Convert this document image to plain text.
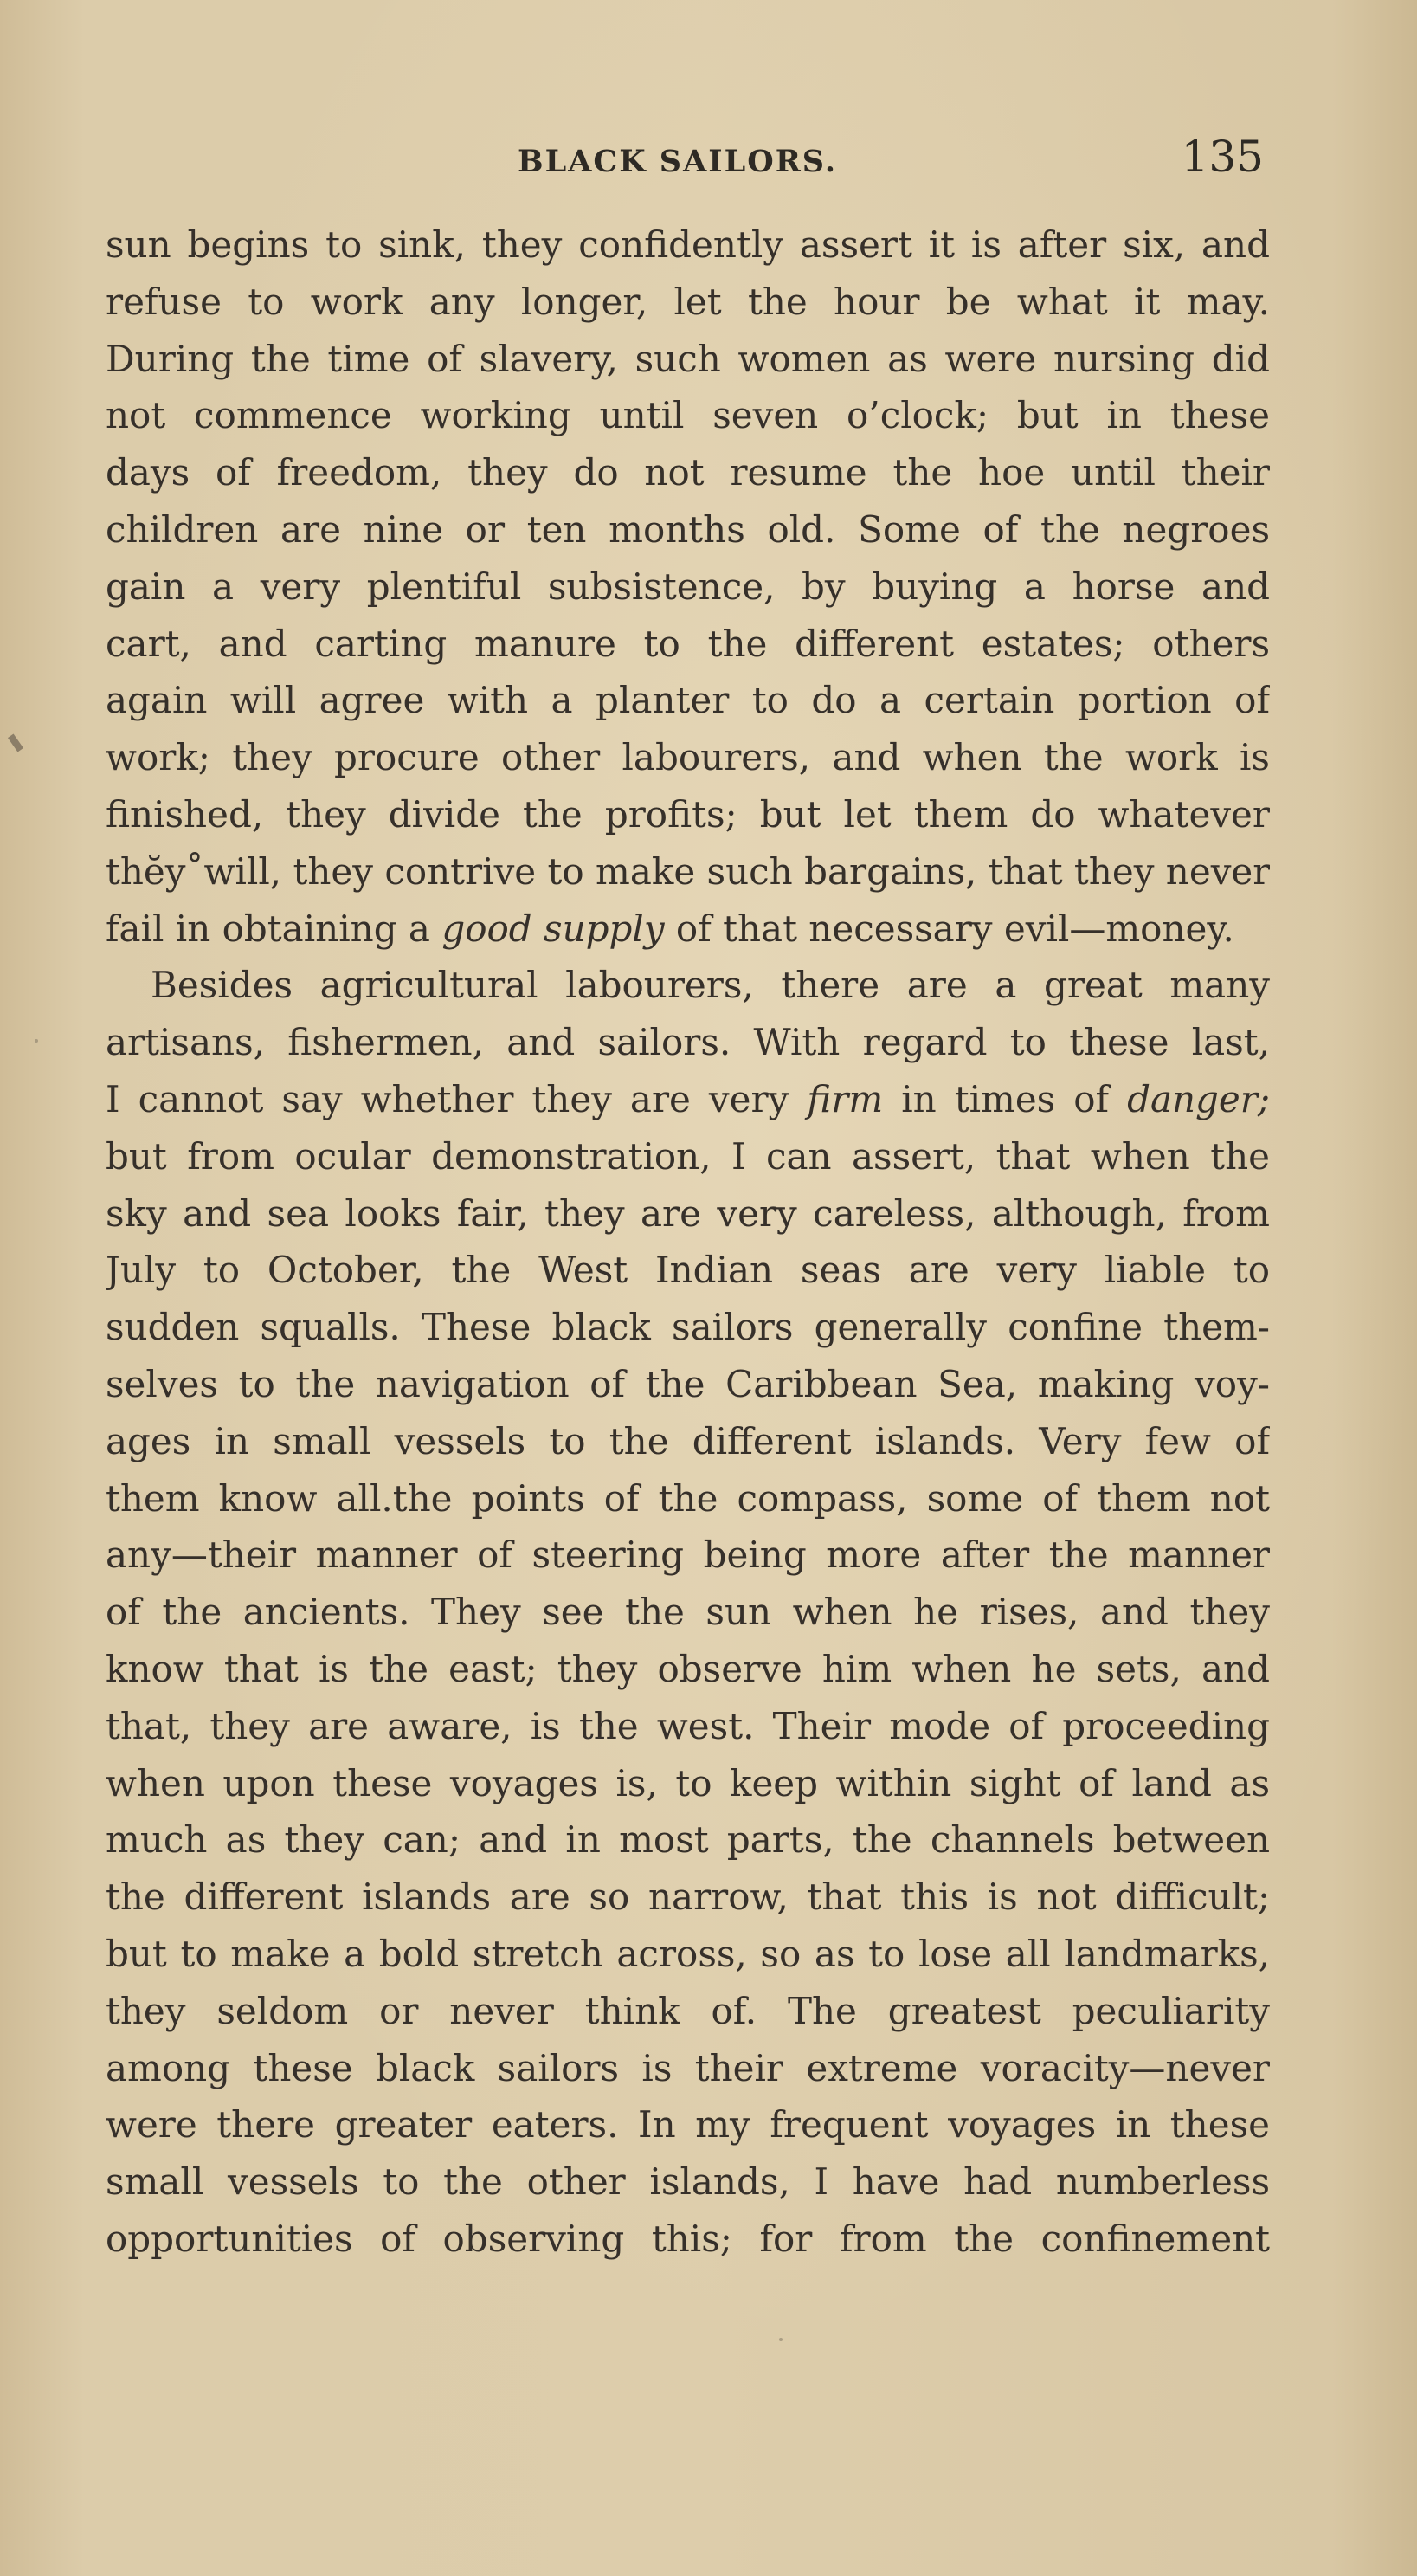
BLACK SAILORS.	135
sun begins to sink, they confidently assert it is after six, and
refuse to work any longer, let the hour be what it may.
During the time of slavery, such women as were nursing did
not commence working until seven o’clock; but in these
days of freedom, they do not resume the hoe until their
children are nine or ten months old. Some of the negroes
gain a very plentiful subsistence, by buying a horse and
cart, and carting manure to the different estates; others
again will agree with a planter to do a certain portion of
work; they procure other labourers, and when the work is
finished, they divide the profits; but let them do whatever
thĕy˚will, they contrive to make such bargains, that they never
fail in obtaining a good supply of that necessary evil—money.
Besides agricultural labourers, there are a great many
artisans, fishermen, and sailors. With regard to these last,
I cannot say whether they are very firm in times of danger;
but from ocular demonstration, I can assert, that when the
sky and sea looks fair, they are very careless, although, from
July to October, the West Indian seas are very liable to
sudden squalls. These black sailors generally confine them-
selves to the navigation of the Caribbean Sea, making voy-
ages in small vessels to the different islands. Very few of
them know all.the points of the compass, some of them not
any—their manner of steering being more after the manner
of the ancients. They see the sun when he rises, and they
know that is the east; they observe him when he sets, and
that, they are aware, is the west. Their mode of proceeding
when upon these voyages is, to keep within sight of land as
much as they can; and in most parts, the channels between
the different islands are so narrow, that this is not difficult;
but to make a bold stretch across, so as to lose all landmarks,
they seldom or never think of. The greatest peculiarity
among these black sailors is their extreme voracity—never
were there greater eaters. In my frequent voyages in these
small vessels to the other islands, I have had numberless
opportunities of observing this; for from the confinement
